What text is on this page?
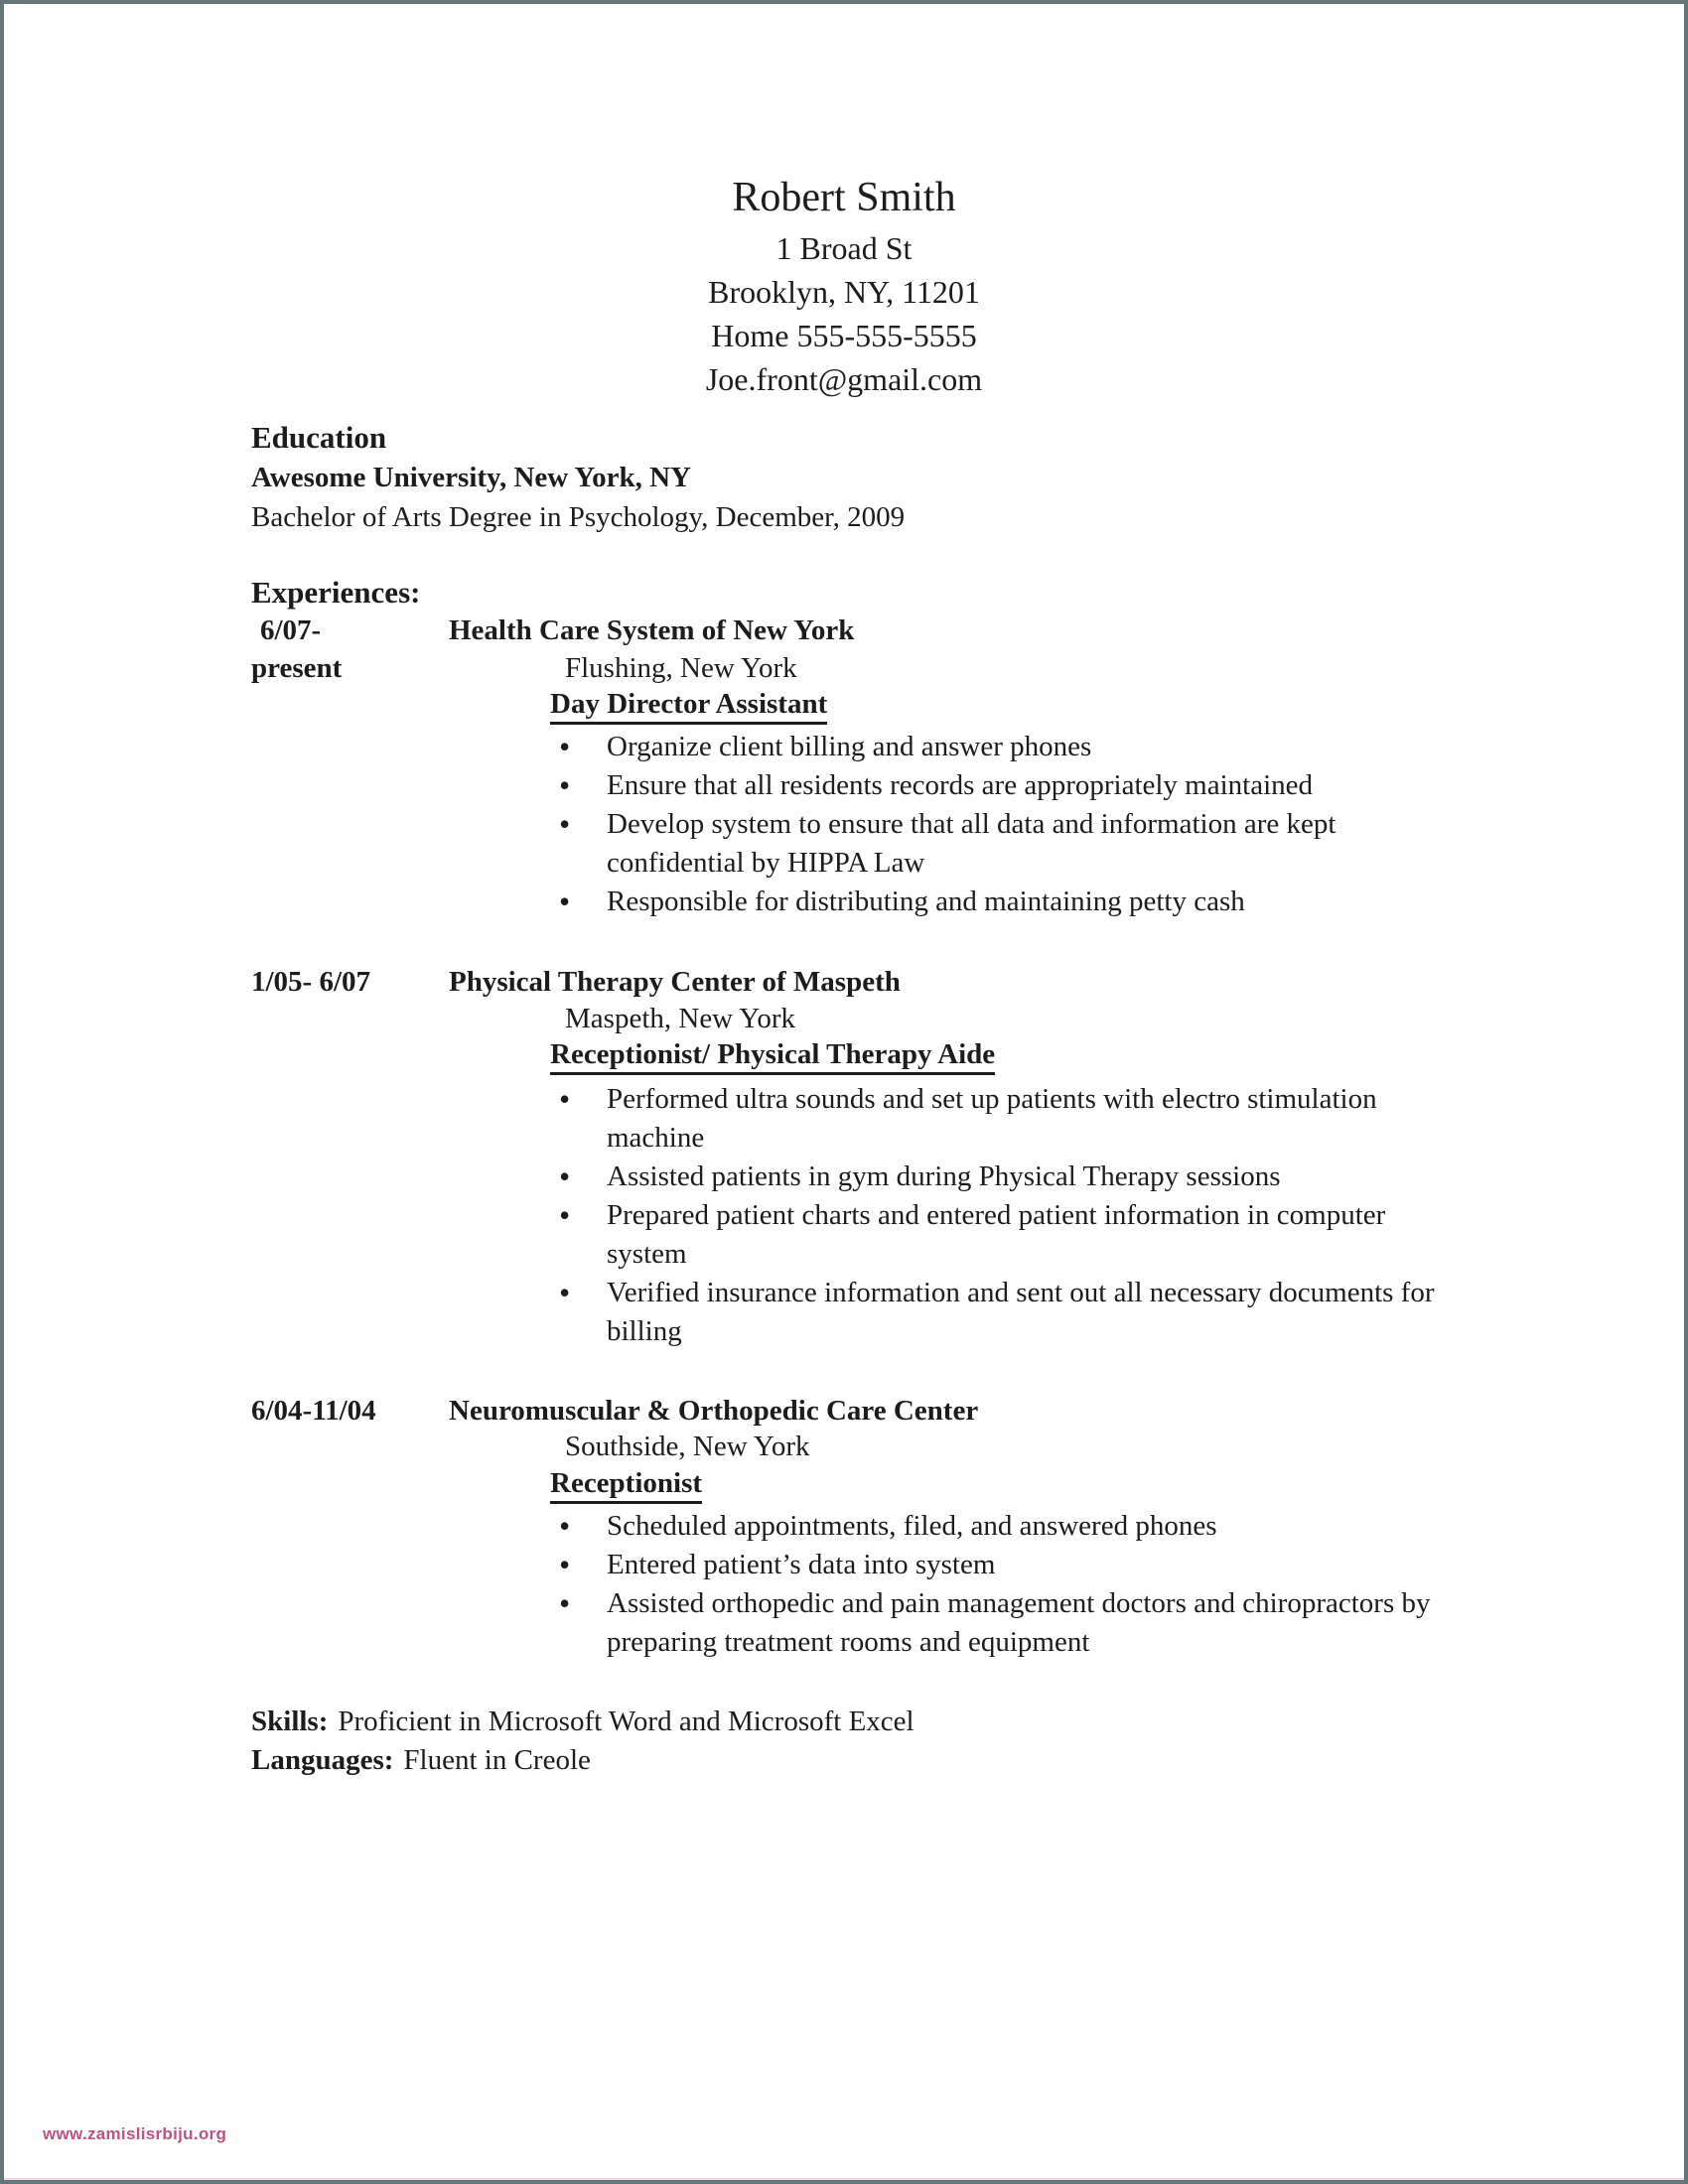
Robert Smith
1 Broad St
Brooklyn, NY, 11201
Home 555-555-5555
Joe.front@gmail.com
Education
Awesome University, New York, NY
Bachelor of Arts Degree in Psychology, December, 2009
Experiences:
6/07-
present
Health Care System of New York
Flushing, New York
Day Director Assistant
•
Organize client billing and answer phones
•
Ensure that all residents records are appropriately maintained
•
Develop system to ensure that all data and information are kept confidential by HIPPA Law
•
Responsible for distributing and maintaining petty cash
1/05- 6/07	Physical Therapy Center of Maspeth
Maspeth, New York
Receptionist/ Physical Therapy Aide
•
Performed ultra sounds and set up patients with electro stimulation machine
•
Assisted patients in gym during Physical Therapy sessions
•
Prepared patient charts and entered patient information in computer system
•
Verified insurance information and sent out all necessary documents for billing
6/04-11/04	Neuromuscular & Orthopedic Care Center
Southside, New York
Receptionist
•
Scheduled appointments, filed, and answered phones
•
Entered patient’s data into system
•
Assisted orthopedic and pain management doctors and chiropractors by preparing treatment rooms and equipment
Skills: Proficient in Microsoft Word and Microsoft Excel
Languages: Fluent in Creole
www.zamislisrbiju.org
